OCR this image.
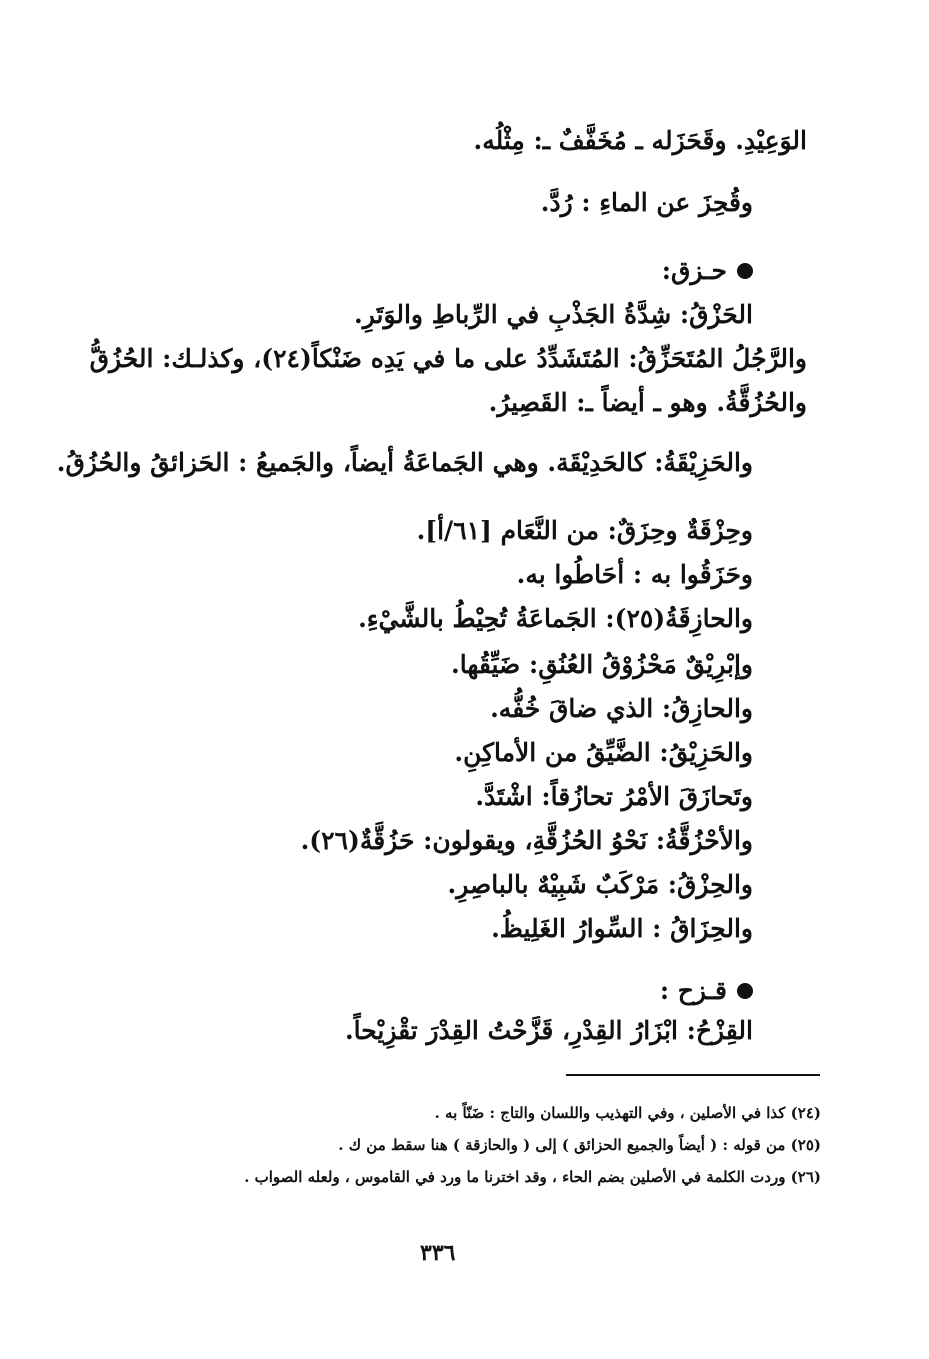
الوَعِيْدِ. وقَحَزَله ـ مُخَفَّفٌ ـ: مِثْلُه.
وقُحِزَ عن الماءِ : رُدَّ.
حـزق:
الحَزْقُ: شِدَّةُ الجَذْبِ في الرِّباطِ والوَتَرِ.
والرَّجُلُ المُتَحَزِّقُ: المُتَشَدِّدُ على ما في يَدِه ضَنْكاً(٢٤)، وكذلـك: الحُزُقُّ
والحُزُقَّةُ. وهو ـ أيضاً ـ: القَصِيرُ.
والحَزِيْقَةُ: كالحَدِيْقَة. وهي الجَماعَةُ أيضاً، والجَميعُ : الحَزائقُ والحُزُقُ.
وحِزْقَةٌ وحِزَقٌ: من النَّعَام [٦١/أ].
وحَزَقُوا به : أحَاطُوا به.
والحازِقَةُ(٢٥): الجَماعَةُ تُحِيْطُ بالشَّيْءِ.
وإبْرِيْقٌ مَحْزُوْقُ العُنُقِ: ضَيِّقُها.
والحازِقُ: الذي ضاقَ خُفُّه.
والحَزِيْقُ: الضَّيِّقُ من الأماكِنِ.
وتَحازَقَ الأمْرُ تحازُقاً: اشْتَدَّ.
والأحْزُقَّةُ: نَحْوُ الحُزُقَّةِ، ويقولون: حَزُقَّةٌ(٢٦).
والحِزْقُ: مَرْكَبٌ شَبِيْهٌ بالباصِرِ.
والحِزَاقُ : السِّوارُ الغَلِيظُ.
قـزح :
القِزْحُ: ابْزَارُ القِدْرِ، قَزَّحْتُ القِدْرَ تقْزِيْحاً.
(٢٤) كذا في الأصلين ، وفي التهذيب واللسان والتاج : ضَنّاً به .
(٢٥) من قوله : ( أيضاً والجميع الحزائق ) إلى ( والحازقة ) هنا سقط من ك .
(٢٦) وردت الكلمة في الأصلين بضم الحاء ، وقد اخترنا ما ورد في القاموس ، ولعله الصواب .
٣٣٦
